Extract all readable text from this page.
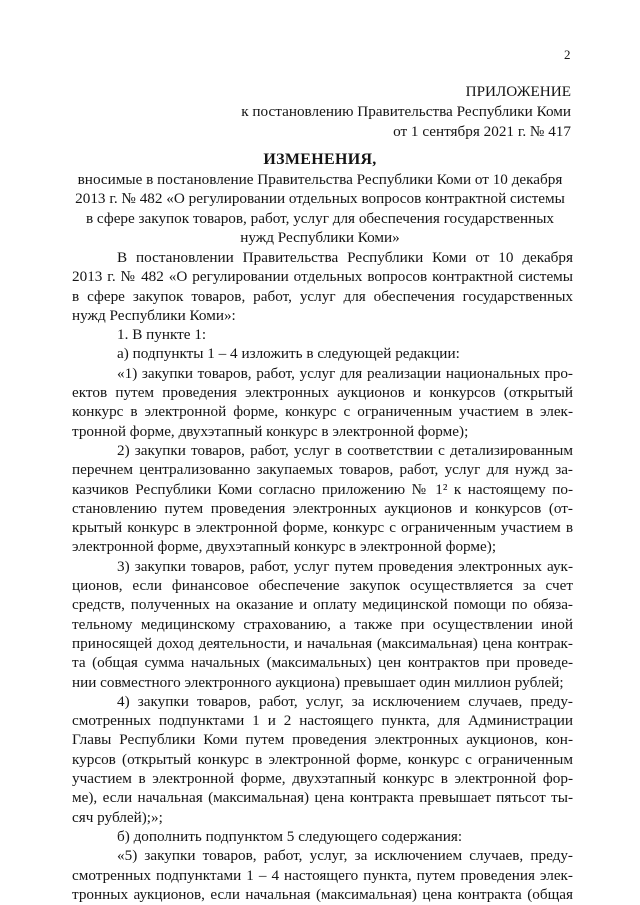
2
ПРИЛОЖЕНИЕ
к постановлению Правительства Республики Коми
от 1 сентября 2021 г. № 417
ИЗМЕНЕНИЯ,
вносимые в постановление Правительства Республики Коми от 10 декабря
2013 г. № 482 «О регулировании отдельных вопросов контрактной системы
в сфере закупок товаров, работ, услуг для обеспечения государственных
нужд Республики Коми»
В постановлении Правительства Республики Коми от 10 декабря
2013 г. № 482 «О регулировании отдельных вопросов контрактной системы
в сфере закупок товаров, работ, услуг для обеспечения государственных
нужд Республики Коми»:
1. В пункте 1:
а) подпункты 1 – 4 изложить в следующей редакции:
«1) закупки товаров, работ, услуг для реализации национальных про-
ектов путем проведения электронных аукционов и конкурсов (открытый
конкурс в электронной форме, конкурс с ограниченным участием в элек-
тронной форме, двухэтапный конкурс в электронной форме);
2) закупки товаров, работ, услуг в соответствии с детализированным
перечнем централизованно закупаемых товаров, работ, услуг для нужд за-
казчиков Республики Коми согласно приложению № 1² к настоящему по-
становлению путем проведения электронных аукционов и конкурсов (от-
крытый конкурс в электронной форме, конкурс с ограниченным участием в
электронной форме, двухэтапный конкурс в электронной форме);
3) закупки товаров, работ, услуг путем проведения электронных аук-
ционов, если финансовое обеспечение закупок осуществляется за счет
средств, полученных на оказание и оплату медицинской помощи по обяза-
тельному медицинскому страхованию, а также при осуществлении иной
приносящей доход деятельности, и начальная (максимальная) цена контрак-
та (общая сумма начальных (максимальных) цен контрактов при проведе-
нии совместного электронного аукциона) превышает один миллион рублей;
4) закупки товаров, работ, услуг, за исключением случаев, преду-
смотренных подпунктами 1 и 2 настоящего пункта, для Администрации
Главы Республики Коми путем проведения электронных аукционов, кон-
курсов (открытый конкурс в электронной форме, конкурс с ограниченным
участием в электронной форме, двухэтапный конкурс в электронной фор-
ме), если начальная (максимальная) цена контракта превышает пятьсот ты-
сяч рублей);»;
б) дополнить подпунктом 5 следующего содержания:
«5) закупки товаров, работ, услуг, за исключением случаев, преду-
смотренных подпунктами 1 – 4 настоящего пункта, путем проведения элек-
тронных аукционов, если начальная (максимальная) цена контракта (общая
